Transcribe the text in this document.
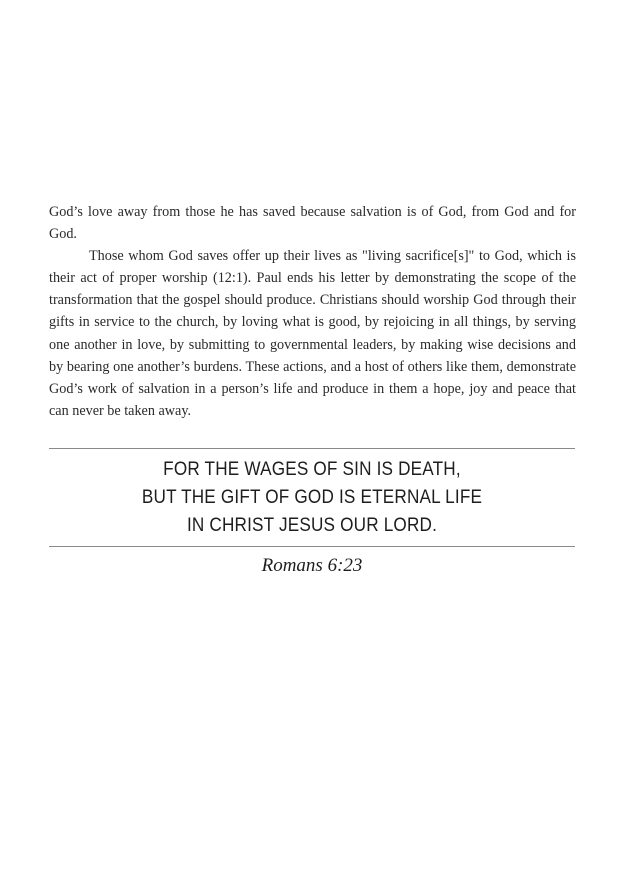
God’s love away from those he has saved because salvation is of God, from God and for God.

Those whom God saves offer up their lives as "living sacrifice[s]" to God, which is their act of proper worship (12:1). Paul ends his letter by demonstrating the scope of the transformation that the gospel should produce. Christians should worship God through their gifts in service to the church, by loving what is good, by rejoicing in all things, by serving one another in love, by submitting to governmental leaders, by making wise decisions and by bearing one another’s burdens. These actions, and a host of others like them, demonstrate God’s work of salvation in a person’s life and produce in them a hope, joy and peace that can never be taken away.

FOR THE WAGES OF SIN IS DEATH,
BUT THE GIFT OF GOD IS ETERNAL LIFE
IN CHRIST JESUS OUR LORD.
Romans 6:23
